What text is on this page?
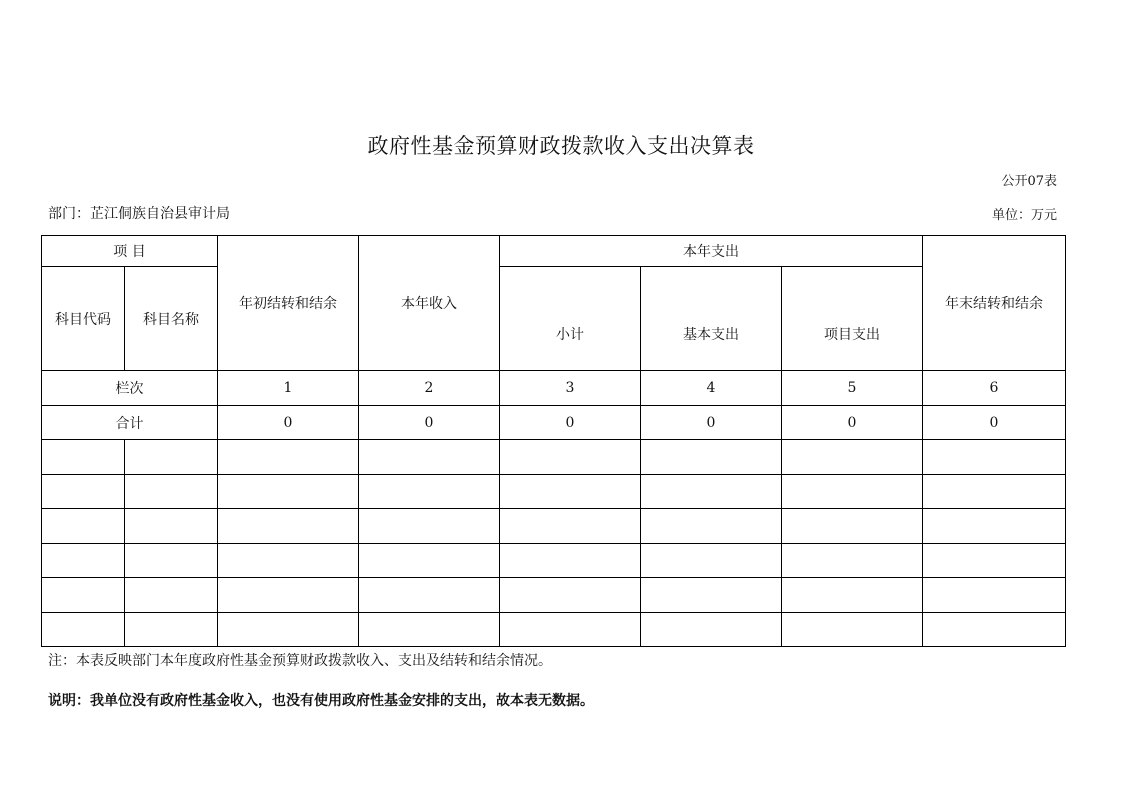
政府性基金预算财政拨款收入支出决算表
公开07表
部门：芷江侗族自治县审计局	单位：万元
项 目		年初结转和结余	本年收入	本年支出			年末结转和结余
科目代码	科目名称			小计	基本支出	项目支出	
栏次		1	2	3	4	5	6
合计		0	0	0	0	0	0

注：本表反映部门本年度政府性基金预算财政拨款收入、支出及结转和结余情况。
说明：我单位没有政府性基金收入，也没有使用政府性基金安排的支出，故本表无数据。
